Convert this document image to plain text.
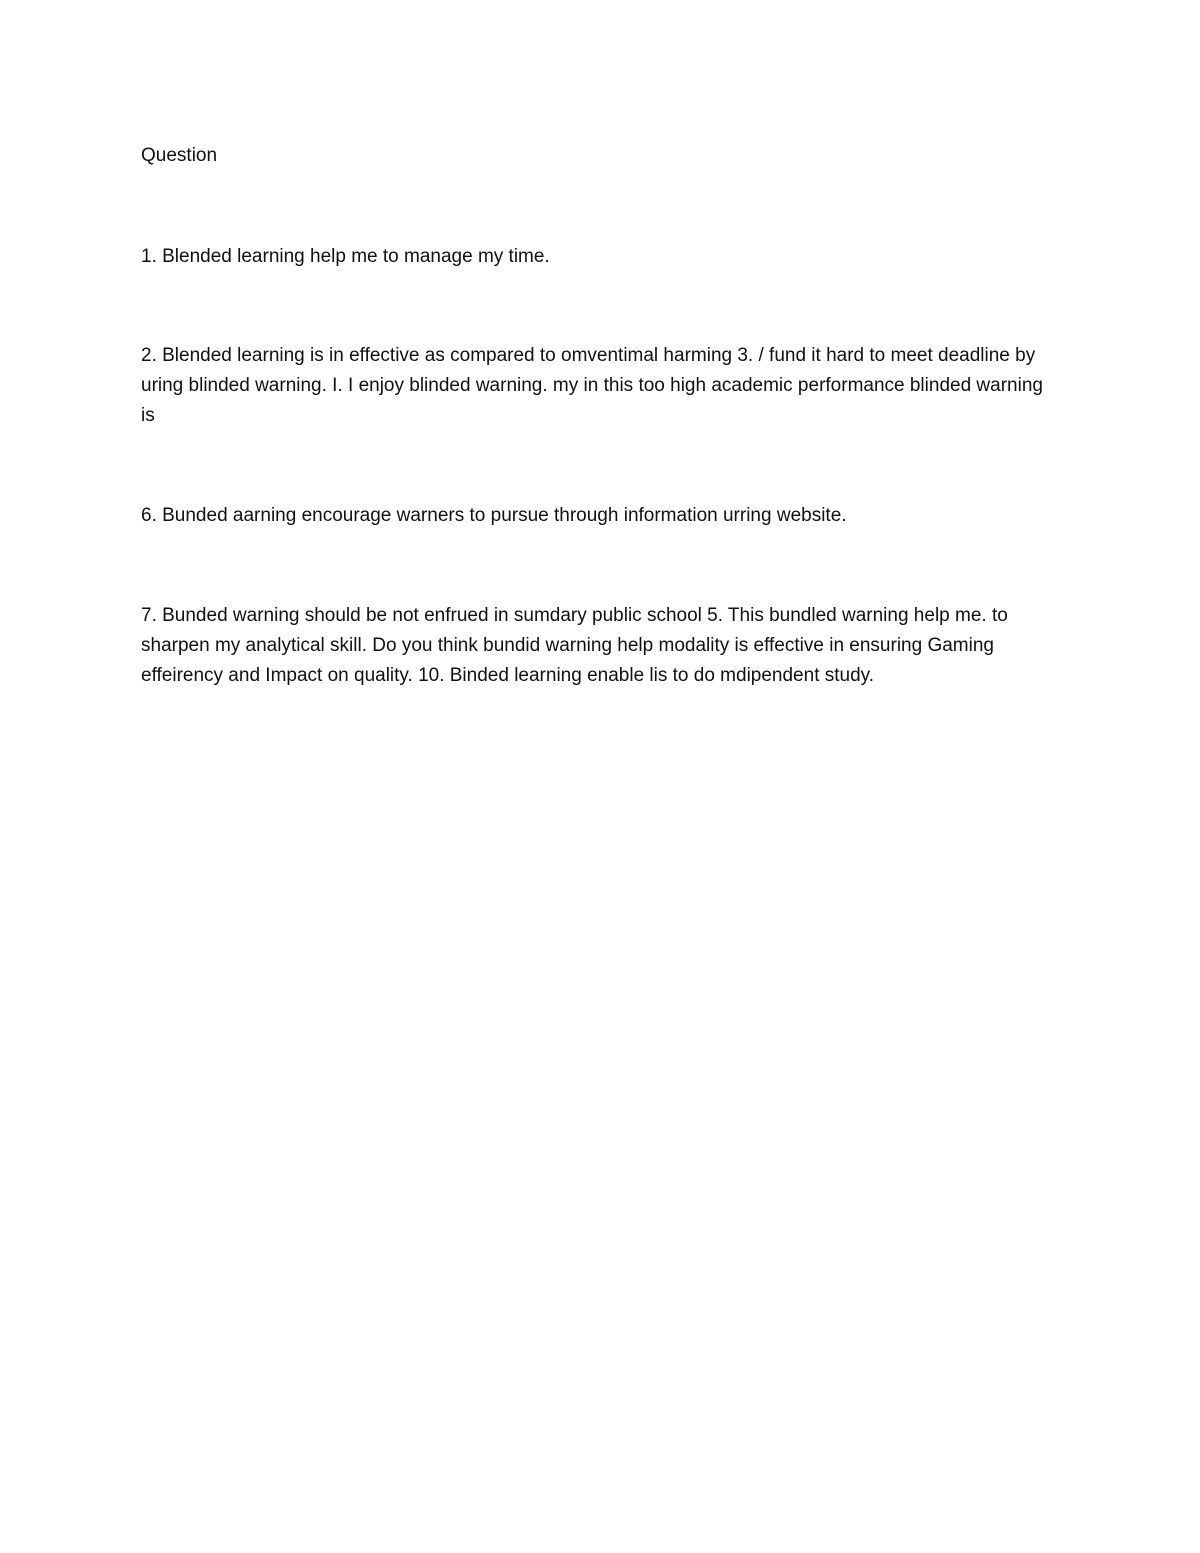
Question

1. Blended learning help me to manage my time.

2. Blended learning is in effective as compared to omventimal harming 3. / fund it hard to meet deadline by uring blinded warning. I. I enjoy blinded warning. my in this too high academic performance blinded warning is

6. Bunded aarning encourage warners to pursue through information urring website.

7. Bunded warning should be not enfrued in sumdary public school 5. This bundled warning help me. to sharpen my analytical skill. Do you think bundid warning help modality is effective in ensuring Gaming effeirency and Impact on quality. 10. Binded learning enable lis to do mdipendent study.
